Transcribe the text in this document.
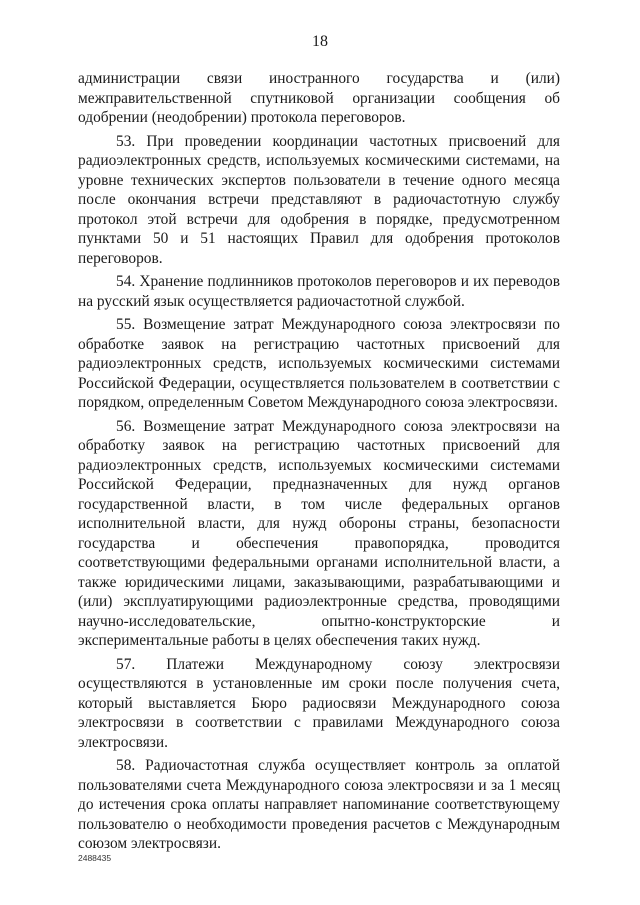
18

администрации связи иностранного государства и (или) межправительственной спутниковой организации сообщения об одобрении (неодобрении) протокола переговоров.

53. При проведении координации частотных присвоений для радиоэлектронных средств, используемых космическими системами, на уровне технических экспертов пользователи в течение одного месяца после окончания встречи представляют в радиочастотную службу протокол этой встречи для одобрения в порядке, предусмотренном пунктами 50 и 51 настоящих Правил для одобрения протоколов переговоров.

54. Хранение подлинников протоколов переговоров и их переводов на русский язык осуществляется радиочастотной службой.

55. Возмещение затрат Международного союза электросвязи по обработке заявок на регистрацию частотных присвоений для радиоэлектронных средств, используемых космическими системами Российской Федерации, осуществляется пользователем в соответствии с порядком, определенным Советом Международного союза электросвязи.

56. Возмещение затрат Международного союза электросвязи на обработку заявок на регистрацию частотных присвоений для радиоэлектронных средств, используемых космическими системами Российской Федерации, предназначенных для нужд органов государственной власти, в том числе федеральных органов исполнительной власти, для нужд обороны страны, безопасности государства и обеспечения правопорядка, проводится соответствующими федеральными органами исполнительной власти, а также юридическими лицами, заказывающими, разрабатывающими и (или) эксплуатирующими радиоэлектронные средства, проводящими научно-исследовательские, опытно-конструкторские и экспериментальные работы в целях обеспечения таких нужд.

57. Платежи Международному союзу электросвязи осуществляются в установленные им сроки после получения счета, который выставляется Бюро радиосвязи Международного союза электросвязи в соответствии с правилами Международного союза электросвязи.

58. Радиочастотная служба осуществляет контроль за оплатой пользователями счета Международного союза электросвязи и за 1 месяц до истечения срока оплаты направляет напоминание соответствующему пользователю о необходимости проведения расчетов с Международным союзом электросвязи.

2488435
